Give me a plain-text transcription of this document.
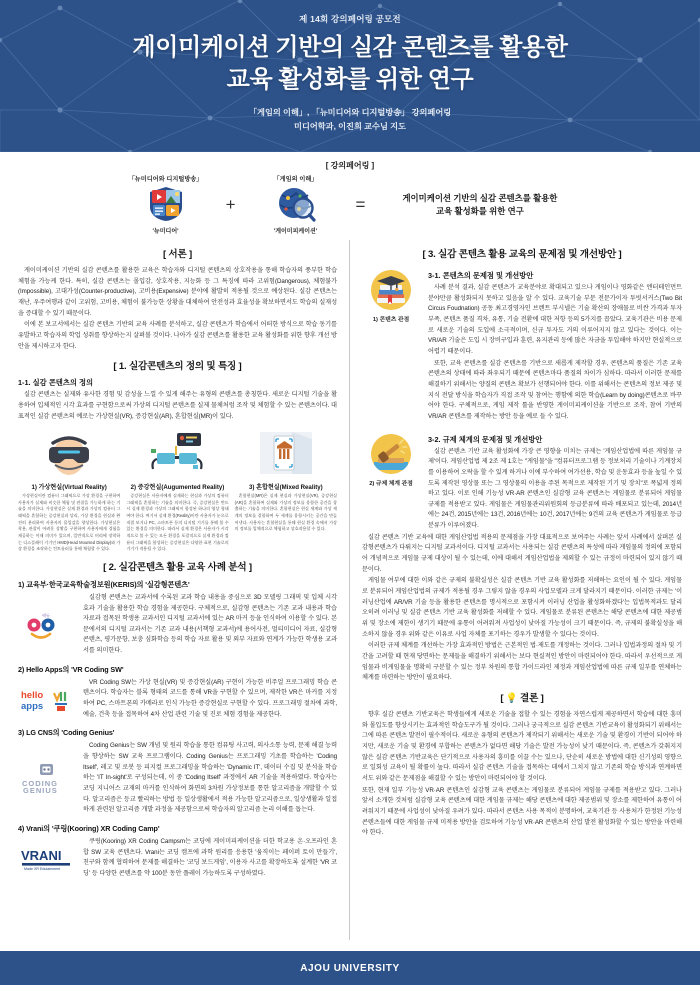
제 14회 강의페어링 공모전
게이미케이션 기반의 실감 콘텐츠를 활용한
교육 활성화를 위한 연구
「게임의 이해」, 「뉴미디어와 디지털방송」 강의페어링
미디어학과, 이진희 교수님 지도
[ 강의페어링 ]
「뉴미디어와 디지털방송」
'뉴미디어'
+
「게임의 이해」
'게이미피케이션'
=	게이미케이션 기반의 실감 콘텐츠를 활용한
교육 활성화를 위한 연구
[ 서론 ]

게이미케이션 기반의 실감 콘텐츠를 활용한 교육은 학습자와 디지털 콘텐츠의 상호작용을 통해 학습자의 풍부한 학습 체험을 가능케 한다. 특히, 실감 콘텐츠는 몰입감, 상호작용, 지능화 등 그 특징에 따라 고위험(Dangerous), 체험불가(Impossible), 고대가성(Counter-productive), 고비용(Expensive) 분야에 활발히 적용될 것으로 예상된다. 실감 콘텐츠는 재난, 우주여행과 같이 고위험, 고비용, 체험이 불가능한 상황을 대체하여 안전성과 효율성을 확보하면서도 학습의 실재성을 증대할 수 있기 때문이다.

이에 본 보고서에서는 실감 콘텐츠 기반의 교육 사례를 분석하고, 실감 콘텐츠가 학습에서 어떠한 방식으로 학습 동기를 유발하고 학습자의 학업 성취를 향상하는지 살펴볼 것이다. 나아가 실감 콘텐츠를 활용한 교육 활성화를 위한 향후 개선 방안을 제시하고자 한다.

[ 1. 실감콘텐츠의 정의 및 특징 ]
1-1. 실감 콘텐츠의 정의

실감 콘텐츠는 실제와 유사한 경험 및 감성을 느낄 수 있게 해주는 유형의 콘텐츠를 총칭한다. 새로운 디지털 기술을 활용하여 입체적인 시각 효과를 구현함으로써 가상의 디지털 콘텐츠를 실제 물체처럼 조작 및 체험할 수 있는 콘텐츠이다. 대표적인 실감 콘텐츠의 예로는 가상현실(VR), 증강현실(AR), 혼합현실(MR)이 있다.

1) 가상현실(Virtual Reality)
가상현실이란 컴퓨터 그래픽으로 가상 환경을 구현하여 사용자가 실제와 비슷한 체험 및 관찰을 가능하게 하는 기술을 의미한다. 가상현실은 실제 환경과 가상의 컴퓨터 그래픽을 혼합하는 증강현실과 달리, 가상 환경을 현실과 완전히 분리하여 사용자의 몰입감을 향상한다. 가상현실은 착용, 관찰이 어려운 상황을 구현하여 사용자에게 경험을 제공하는 이때 의미가 있으며, 일반적으로 머리에 장착하는 디스플레이 기기인 HMD(Head Mounted Display)와 가상 환경을 조작하는 컨트롤러를 통해 체험할 수 있다.
2) 증강현실(Augumented Reality)
증강현실은 사용자에게 실재하는 현실과 가상의 컴퓨터 그래픽을 혼합하는 기술을 의미한다. 즉, 증강현실은 반드시 실제 환경과 가상의 그래픽이 합성된 하나의 영상 형태여야 한다. 여기서 실제 환경(Reality)이란 사용자가 눈으로 직접 보거나 PC, 스마트폰 등의 디지털 기기를 통해 볼 수 있는 환경을 의미한다. 따라서 실제 환경은 사용자가 시각적으로 볼 수 있는 모든 환경을 포괄적으로 실제 환경과 컴퓨터 그래픽을 합성하는 증강현실은 다양한 표현 기술로의 기기가 적용될 수 있다.
3) 혼합현실(Mixed Reality)
혼합현실(MR)은 실제 현실과 가상현실(VR), 증강현실(AR)을 혼합하여 실제와 가상의 정보를 융합한 공간을 창출하는 기술을 의미한다. 혼합현실은 현실 세계와 가상 세계의 정보를 결합하여 두 세계를 융합시키는 공간을 만들어낸다. 사용자는 혼합현실을 통해 현실 환경 속에서 가상의 정보를 입체적으로 체험하고 상호작용할 수 있다.
[ 2. 실감콘텐츠 활용 교육 사례 분석 ]
1) 교육부·한국교육학술정보원(KERIS)의 '실감형콘텐츠'
에듀

실감형 콘텐츠는 교과서에 수록된 교과 학습 내용을 중심으로 3D 모델링 그래픽 및 입체 시각 효과 기술을 활용한 학습 경험을 제공한다. 구체적으로, 실감형 콘텐츠는 기존 교과 내용과 학습 자료과 접목된 학생용 교과서인 디지털 교과서에 있는 AR 마커 등을 인식하여 이용할 수 있다. 본문에서의 디지털 교과서는 기존 교과 내용(서책형 교과서)에 용어사전, 멀티미디어 자료, 실감형 콘텐츠, 평가문항, 보충 심화학습 등의 학습 자료 활용 및 외부 자료와 연계가 가능한 학생용 교과서를 의미한다.

2) Hello Apps의 'VR Coding SW'
hello
apps

VR Coding SW는 가상 현실(VR) 및 증강현실(AR) 구현이 가능한 비주얼 프로그래밍 학습 콘텐츠이다. 학습자는 블록 형태의 코드를 통해 VR을 구현할 수 있으며, 제작한 VR은 마커를 지정하여 PC, 스마트폰의 카메라로 인식 가능한 증강현실로 구현할 수 있다. 프로그래밍 절차에 과학, 예술, 건축 등을 접목하여 4차 산업 관련 기술 및 진로 체험 경험을 제공한다.

3) LG CNS의 'Coding Genius'
CODING
GENIUS

Coding Genius는 SW 개념 및 원리 학습을 통한 컴퓨팅 사고력, 의사소통 능력, 문제 해결 능력을 향상하는 SW 교육 프로그램이다. Coding Genius는 프로그래밍 기초를 학습하는 'Coding Itself', 레고 및 로봇 등 피지컬 프로그래밍을 학습하는 'Dynamic IT', 데이터 수집 및 분석을 학습하는 'IT In-sight'로 구성되는데, 이 중 'Coding Itself' 과정에서 AR 기술을 적용하였다. 학습자는 코딩 지니어스 교재의 마커를 인식하여 화면의 3차원 가상정보를 통한 알고리즘을 개발할 수 있다. 알고리즘은 등교 빨리하는 방법 등 일상생활에서 적용 가능한 알고리즘으로, 일상생활과 일접하게 관련된 알고리즘 개발 과정을 제공함으로써 학습자의 알고리즘 논리 이해를 돕는다.

4) Vrani의 '쿠링(Kooring) XR Coding Camp'
VRANI
Made XR Edutainment

쿠링(Kooring) XR Coding Campsm는 코딩에 게이미피케이션을 더한 학교용 온·오프라인 혼합 SW 교육 콘텐츠다. Vrani는 코딩 캠프에 과학 원리를 응용한 '움직이는 페이퍼 토이 만들기', 친구와 함께 협력하여 문제를 해결하는 '코딩 보드게임', 이용자 사고를 확장하도록 설계한 'VR 코딩' 등 다양한 콘텐츠를 약 100분 동안 플레이 가능하도록 구성하였다.

[ 3. 실감 콘텐츠 활용 교육의 문제점 및 개선방안 ]
1) 콘텐츠 관점
3-1. 콘텐츠의 문제점 및 개선방안

사례 분석 결과, 실감 콘텐츠가 교육분야로 확대되고 있으나 게임이나 영화같은 엔터테인먼트 분야만큼 활성화되지 못하고 있음을 알 수 있다. 교육기술 부문 전문가이자 투빗서커스(Two Bit Circus Foudnation) 공동 최고경영자인 브렌트 부시넬은 기술 확산의 장애물로 비싼 가격과 투자 부족, 콘텐츠 품질 격차, 유통, 기술 전환에 대한 저항 등의 5가지를 꼽았다. 교육기관은 비용 문제로 새로운 기술의 도입에 소극적이며, 신규 투자도 거의 이루어지지 않고 있다는 것이다. 이는 VR/AR 기술은 도입 시 장비구입과 훈련, 유지관리 등에 많은 자금을 투입해야 하지만 현실적으로 어렵기 때문이다.

또한, 교육 콘텐츠를 실감 콘텐츠를 기반으로 새롭게 제작할 경우, 콘텐츠의 품질은 기존 교육 콘텐츠의 상태에 따라 좌우되기 때문에 콘텐츠마다 품질의 차이가 심하다. 따라서 이러한 문제를 해결하기 위해서는 양질의 콘텐츠 확보가 선행되어야 한다. 이를 위해서는 콘텐츠의 정보 제공 및 지식 전달 방식을 학습자가 직접 조작 및 참여는 행함에 의한 학습(Learn by doing)콘텐츠로 바꾸어야 한다. 구체적으로, 게임 제작 툴을 반영한 게이미피케이션을 기반으로 조작, 참여 기반의 VR/AR 콘텐츠를 제작하는 방안 등을 예로 들 수 있다.

2) 규제 체계 관점
3-2. 규제 체계의 문제점 및 개선방안

실감 콘텐츠 기반 교육 활성화에 가장 큰 영향을 미치는 규제는 '게임산업법에 따른 게임물 규제'이다. 게임산업법 제 2조 제 1호는 "게임물"을 "컴퓨터프로그램 등 정보처리 기술이나 기계장치를 이용하여 오락을 할 수 있게 하거나 이에 부수하여 여가선용, 학습 및 운동효과 등을 높일 수 있도록 제작된 영상물 또는 그 영상물의 이용을 주된 목적으로 제작된 기기 및 장치"로 폭넓게 정의하고 있다. 이로 인해 기능성 VR·AR 콘텐츠인 실감형 교육 콘텐츠는 게임물로 분류되어 게임물 규제를 적용받고 있다. 게임물은 게임물관리위원회의 등급분류에 따라 배포되고 있는데, 2014년에는 24건, 2015년에는 13건, 2016년에는 10건, 2017년에는 9건의 교육 콘텐츠가 게임물로 등급분류가 이루어졌다.

실감 콘텐츠 기반 교육에 대한 게임산업법 적용의 문제점을 가장 대표적으로 보여주는 사례는 앞서 사례에서 살펴본 실감형콘텐츠가 다뤄지는 디지털 교과서이다. 디지털 교과서는 사용되는 실감 콘텐츠의 특성에 따라 게임물의 정의에 포함되어 개념적으로 게임물 규제 대상이 될 수 있는데, 이에 대해서 게임산업법을 제외할 수 있는 규정이 마련되어 있지 않기 때문이다.

게임물 여부에 대한 이와 같은 규제의 불확실성은 실감 콘텐츠 기반 교육 활성화를 저해하는 요인이 될 수 있다. 게임물로 분류되어 게임산업법의 규제가 적용될 경우 그렇지 않을 경우의 사업모델과 크게 달라지기 때문이다. 이러한 규제는 '이러닝산업에 AR/VR 기술 등을 활용한 콘텐츠를 명시적으로 포함시켜 이러닝 산업을 활성화하겠다'는 입법목적과도 달리 오히려 이러닝 및 실감 콘텐츠 기반 교육 활성화를 저해할 수 있다. 게임물로 분류된 콘텐츠는 해당 콘텐츠에 대한 제공범위 및 장소에 제한이 생기기 때문에 유통이 어려워져 사업성이 낮아질 가능성이 크기 때문이다. 즉, 규제의 불확실성을 해소하지 않을 경우 위와 같은 이유로 사업 자체를 포기하는 경우가 발생할 수 있다는 것이다.

이러한 규제 체계를 개선하는 가장 효과적인 방법은 근본적인 법·제도를 개정하는 것이다. 그러나 입법과정의 절차 및 기간을 고려할 때 현재 당면하는 문제들을 해결하기 위해서는 보다 현실적인 방안이 마련되어야 한다. 따라서 우선적으로 게임물과 비게임물을 명확히 구분할 수 있는 정부 차원의 통합 가이드라인 제정과 게임산업법에 따른 규제 일부를 연체하는 체계를 마련하는 방안이 필요하다.

[ 💡 결론 ]

향후 실감 콘텐츠 기반교육은 학생들에게 새로운 기술을 접할 수 있는 경험을 자연스럽게 제공하면서 학습에 대한 흥미와 몰입도를 향상시키는 효과적인 학습도구가 될 것이다. 그러나 궁극적으로 실감 콘텐츠 기반교육이 활성화되기 위해서는 그에 따른 콘텐츠 발전이 필수적이다. 새로운 유형의 콘텐츠가 제작되기 위해서는 새로운 기술 및 환경이 기반이 되어야 하지만, 새로운 기술 및 환경에 부합하는 콘텐츠가 없다면 해당 기술은 발전 가능성이 낮기 때문이다. 즉, 콘텐츠가 갖춰지지 않은 실감 콘텐츠 기반교육은 단기적으로 사용자의 흥미를 이끌 수는 있으나, 단순히 새로운 방법에 대한 신기성의 영향으로 일회성 교육이 될 확률이 높다. 따라서 실감 콘텐츠 기술을 접목하는 데에서 그치지 않고 기존의 학습 방식과 연계하면서도 위와 같은 문제점을 해결할 수 있는 방안이 마련되어야 할 것이다.

또한, 현재 일부 기능성 VR·AR 콘텐츠인 실감형 교육 콘텐츠는 게임물로 분류되어 게임물 규제를 적용받고 있다. 그러나 앞서 소개한 것처럼 실감형 교육 콘텐츠에 대한 게임물 규제는 해당 콘텐츠에 대한 제공범위 및 장소를 제한하여 유통이 어려워지기 때문에 사업성이 낮아질 우려가 있다. 따라서 콘텐츠 사용 목적이 분명하여, 교육기관 등 사용처가 한정된 기능성 콘텐츠들에 대한 게임물 규제 미적용 방안을 검토하여 기능성 VR·AR 콘텐츠의 산업 발전 활성화할 수 있는 방안을 마련해야 한다.

AJOU UNIVERSITY
